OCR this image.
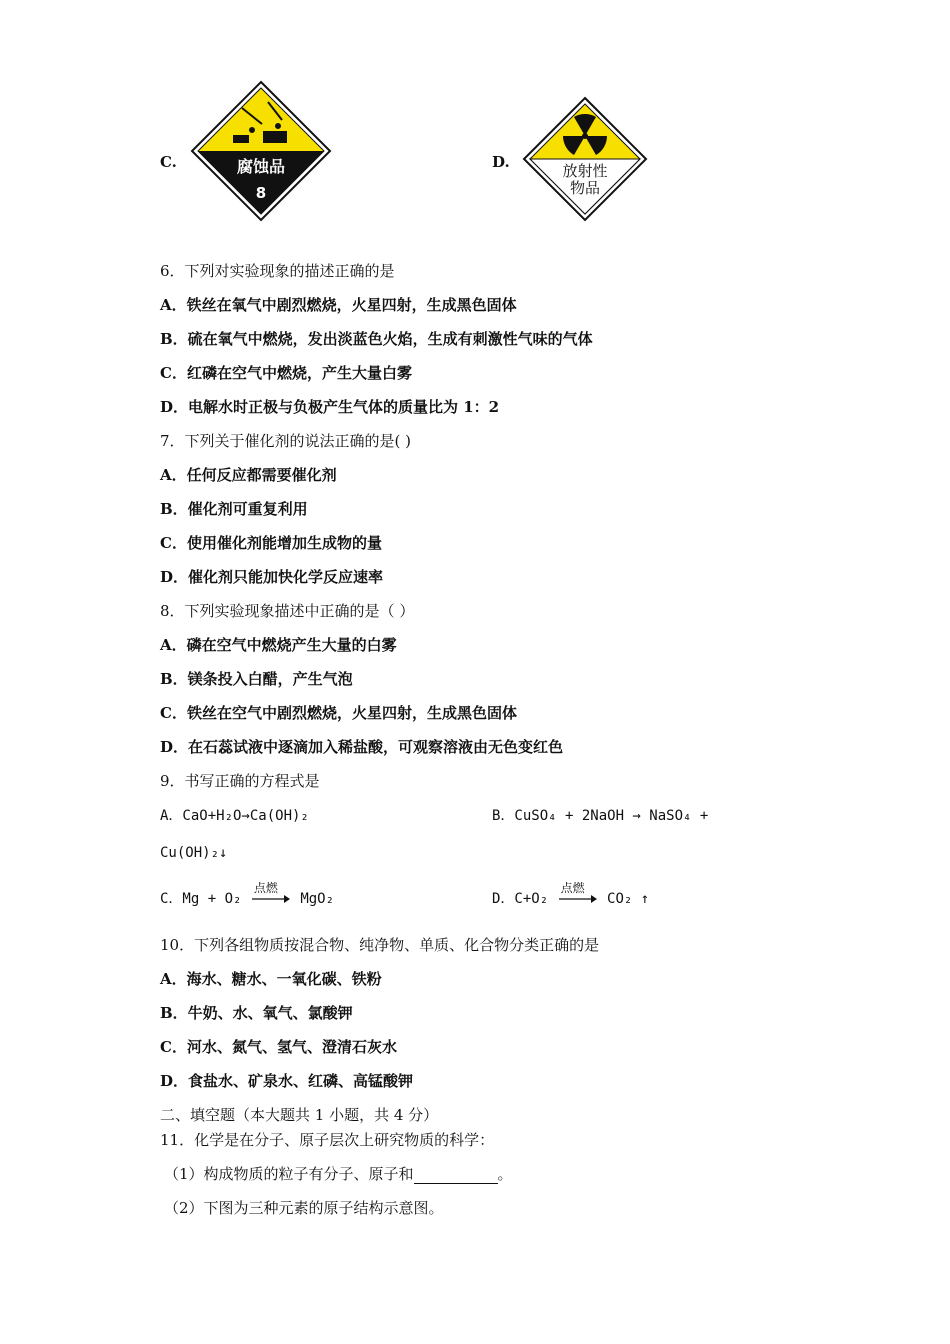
C.	腐蚀品
8
D.	放射性
物品
6．下列对实验现象的描述正确的是
A．铁丝在氧气中剧烈燃烧，火星四射，生成黑色固体
B．硫在氧气中燃烧，发出淡蓝色火焰，生成有刺激性气味的气体
C．红磷在空气中燃烧，产生大量白雾
D．电解水时正极与负极产生气体的质量比为 1：2
7．下列关于催化剂的说法正确的是( )
A．任何反应都需要催化剂
B．催化剂可重复利用
C．使用催化剂能增加生成物的量
D．催化剂只能加快化学反应速率
8．下列实验现象描述中正确的是（ ）
A．磷在空气中燃烧产生大量的白雾
B．镁条投入白醋，产生气泡
C．铁丝在空气中剧烈燃烧，火星四射，生成黑色固体
D．在石蕊试液中逐滴加入稀盐酸，可观察溶液由无色变红色
9．书写正确的方程式是
A．CaO+H₂O→Ca(OH)₂	B．CuSO₄ + 2NaOH → NaSO₄ +
Cu(OH)₂↓
C．Mg + O₂
点燃
MgO₂	D．C+O₂
点燃
CO₂ ↑
10．下列各组物质按混合物、纯净物、单质、化合物分类正确的是
A．海水、糖水、一氧化碳、铁粉
B．牛奶、水、氧气、氯酸钾
C．河水、氮气、氢气、澄清石灰水
D．食盐水、矿泉水、红磷、高锰酸钾
二、填空题（本大题共 1 小题，共 4 分）
11．化学是在分子、原子层次上研究物质的科学：
（1）构成物质的粒子有分子、原子和	。
（2）下图为三种元素的原子结构示意图。
